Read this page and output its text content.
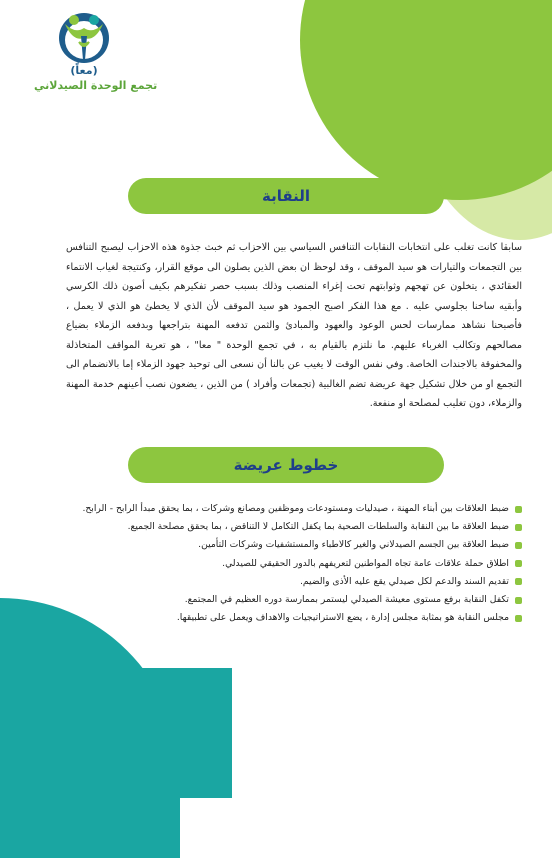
(معاً)
تجمع الوحدة الصيدلاني
النقابة

سابقا كانت تغلب على انتخابات النقابات التنافس السياسي بين الاحزاب ثم خبث جذوة هذه الاحزاب ليصبح التنافس بين التجمعات والتيارات هو سيد الموقف ، وقد لوحظ ان بعض الذين يصلون الى موقع القرار، وكنتيجة لغياب الانتماء العقائدي ، يتخلون عن تهجهم وثوابتهم تحت إغراء المنصب وذلك بسبب حصر تفكيرهم بكيف أصون ذلك الكرسي وأبقيه ساخنا بجلوسي عليه . مع هذا الفكر اصبح الجمود هو سيد الموقف لأن الذي لا يخطئ هو الذي لا يعمل ، فأصبحنا نشاهد ممارسات لحس الوعود والعهود والمبادئ والثمن تدفعه المهنة بتراجعها وبدفعه الزملاء بضياع مصالحهم وتكالب الغرباء عليهم. ما نلتزم بالقيام به ، في تجمع الوحدة " معا" ، هو تعرية المواقف المتخاذلة والمخفوقة بالاجندات الخاصة. وفي نفس الوقت لا يغيب عن بالنا أن نسعى الى توحيد جهود الزملاء إما بالانضمام الى التجمع او من خلال تشكيل جهة عريضة تضم الغالبية (تجمعات وأفراد ) من الذين ، يضعون نصب أعينهم خدمة المهنة والزملاء، دون تغليب لمصلحة او منفعة.

خطوط عريضة
ضبط العلاقات بين أبناء المهنة ، صيدليات ومستودعات وموظفين ومصانع وشركات ، بما يحقق مبدأ الرابح - الرابح.
ضبط العلاقة ما بين النقابة والسلطات الصحية بما يكفل التكامل لا التناقض ، بما يحقق مصلحة الجميع.
ضبط العلاقة بين الجسم الصيدلاني والغير كالاطباء والمستشفيات وشركات التأمين.
اطلاق حملة علاقات عامة تجاه المواطنين لتعريفهم بالدور الحقيقي للصيدلي.
تقديم السند والدعم لكل صيدلي يقع عليه الأذى والضيم.
تكفل النقابة برفع مستوى معيشة الصيدلي ليستمر بممارسة دوره العظيم في المجتمع.
مجلس النقابة هو بمثابة مجلس إدارة ، يضع الاستراتيجيات والاهداف ويعمل على تطبيقها.
